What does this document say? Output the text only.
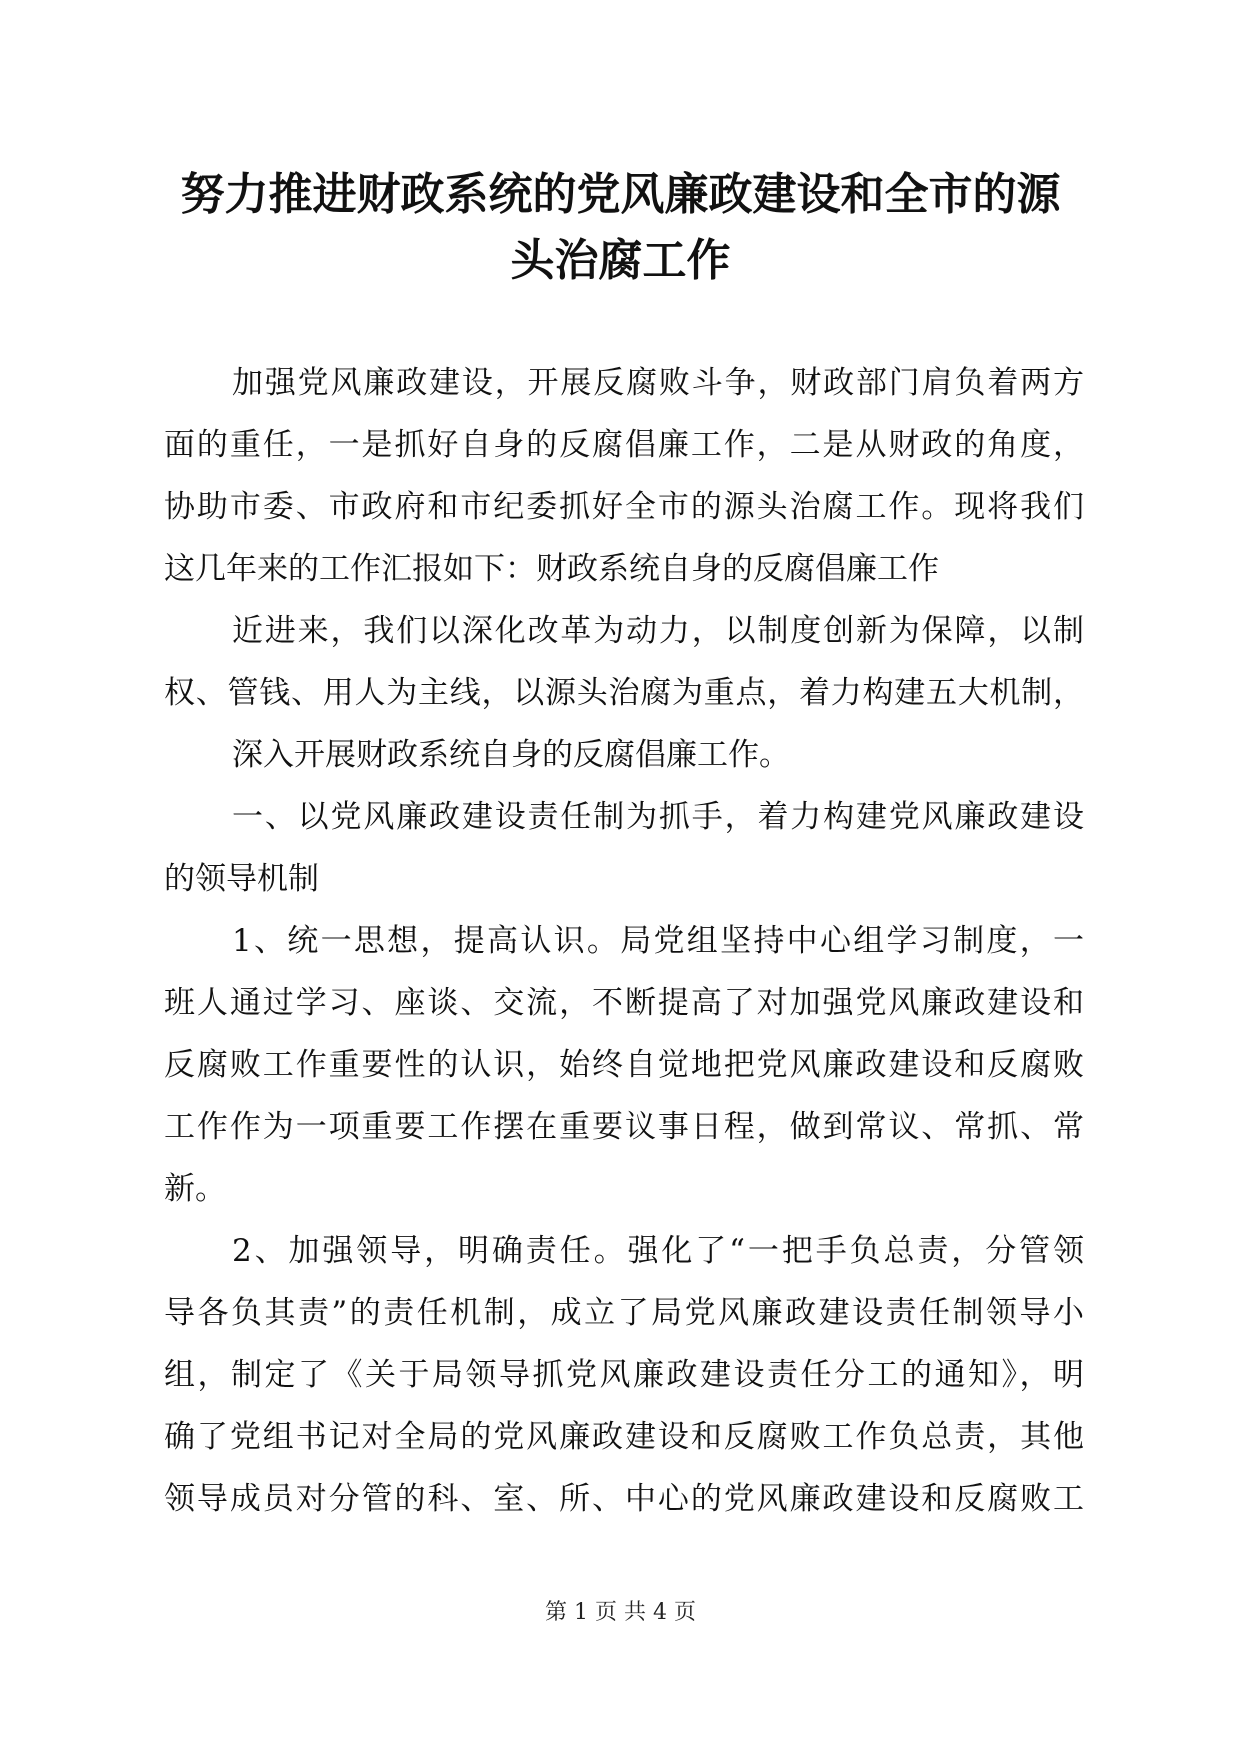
努力推进财政系统的党风廉政建设和全市的源
头治腐工作
加强党风廉政建设，开展反腐败斗争，财政部门肩负着两方
面的重任，一是抓好自身的反腐倡廉工作，二是从财政的角度，
协助市委、市政府和市纪委抓好全市的源头治腐工作。现将我们
这几年来的工作汇报如下：财政系统自身的反腐倡廉工作
近进来，我们以深化改革为动力，以制度创新为保障，以制
权、管钱、用人为主线，以源头治腐为重点，着力构建五大机制，
深入开展财政系统自身的反腐倡廉工作。
一、以党风廉政建设责任制为抓手，着力构建党风廉政建设
的领导机制
1、统一思想，提高认识。局党组坚持中心组学习制度，一
班人通过学习、座谈、交流，不断提高了对加强党风廉政建设和
反腐败工作重要性的认识，始终自觉地把党风廉政建设和反腐败
工作作为一项重要工作摆在重要议事日程，做到常议、常抓、常
新。
2、加强领导，明确责任。强化了“一把手负总责，分管领
导各负其责”的责任机制，成立了局党风廉政建设责任制领导小
组，制定了《关于局领导抓党风廉政建设责任分工的通知》，明
确了党组书记对全局的党风廉政建设和反腐败工作负总责，其他
领导成员对分管的科、室、所、中心的党风廉政建设和反腐败工
第 1 页 共 4 页
